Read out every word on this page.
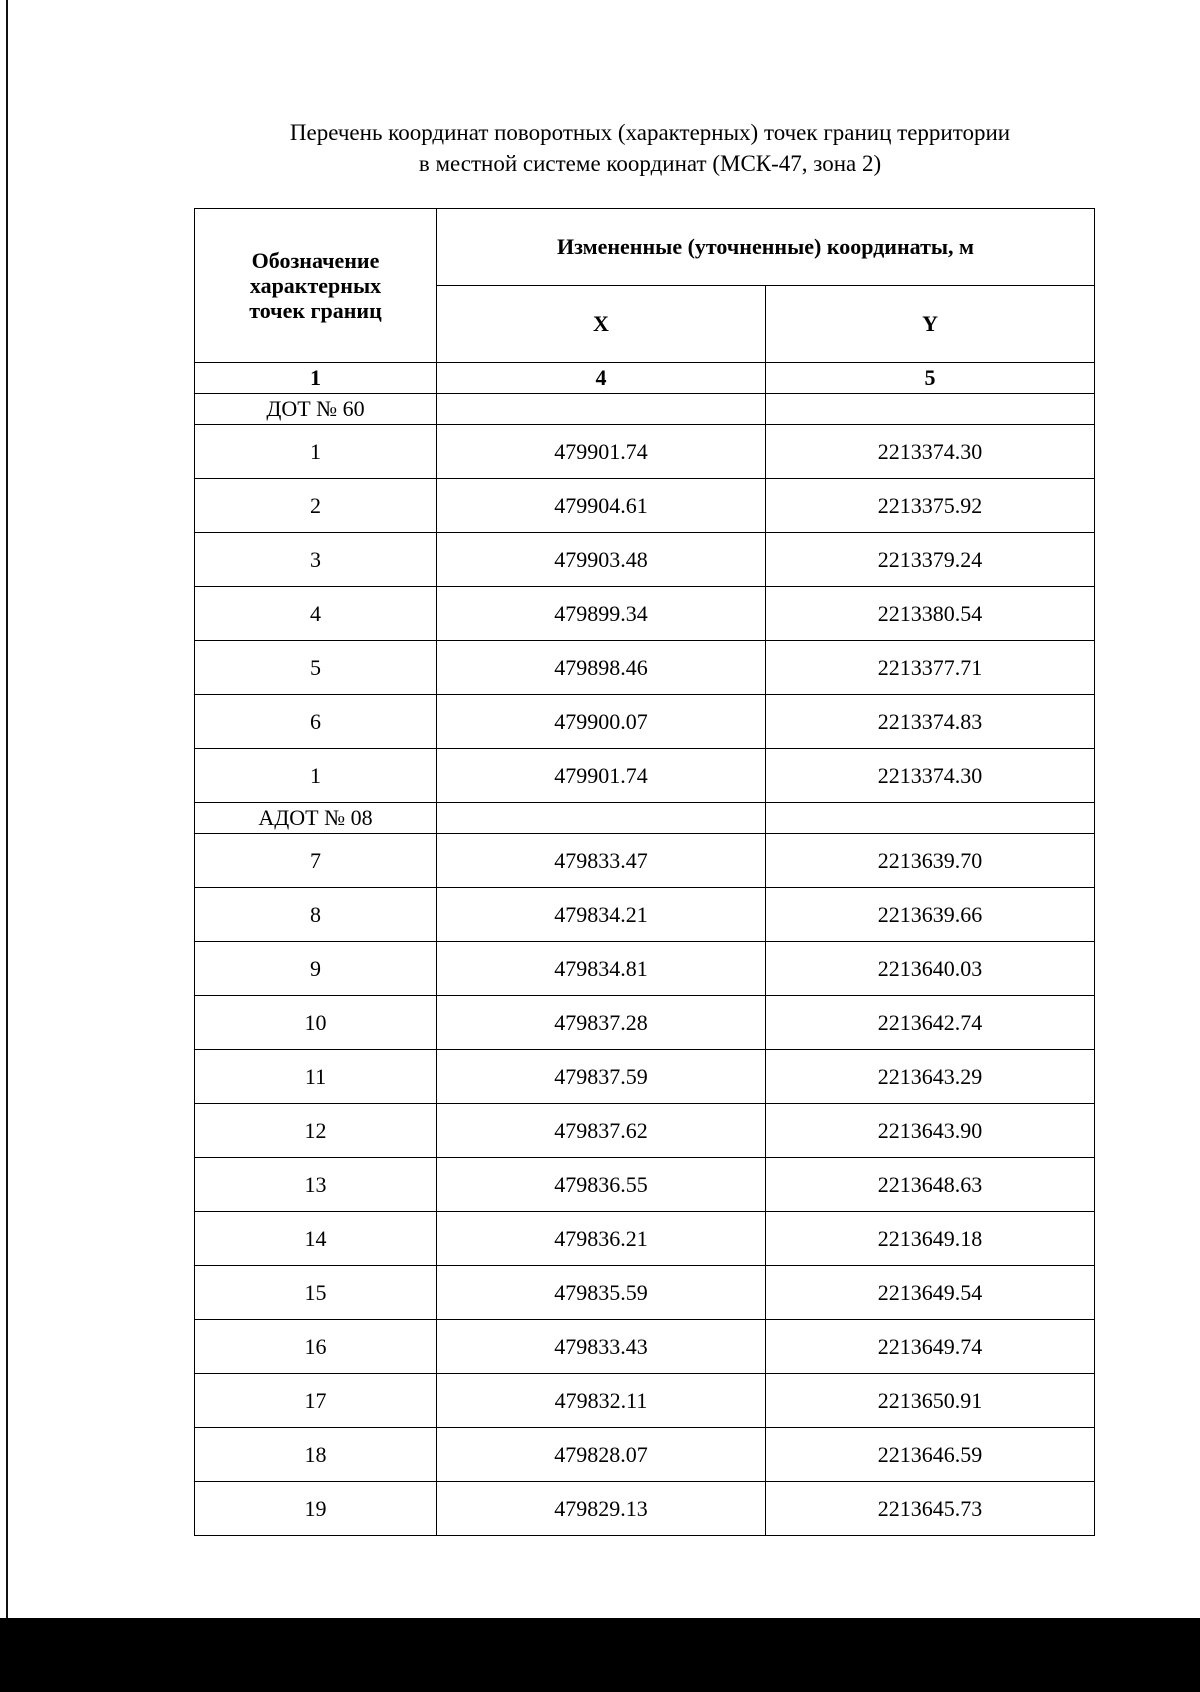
Перечень координат поворотных (характерных) точек границ территории
в местной системе координат (МСК-47, зона 2)
Обозначение
характерных
точек границ	Измененные (уточненные) координаты, м	
	X	Y
1	4	5
ДОТ № 60		
1	479901.74	2213374.30
2	479904.61	2213375.92
3	479903.48	2213379.24
4	479899.34	2213380.54
5	479898.46	2213377.71
6	479900.07	2213374.83
1	479901.74	2213374.30
АДОТ № 08		
7	479833.47	2213639.70
8	479834.21	2213639.66
9	479834.81	2213640.03
10	479837.28	2213642.74
11	479837.59	2213643.29
12	479837.62	2213643.90
13	479836.55	2213648.63
14	479836.21	2213649.18
15	479835.59	2213649.54
16	479833.43	2213649.74
17	479832.11	2213650.91
18	479828.07	2213646.59
19	479829.13	2213645.73
